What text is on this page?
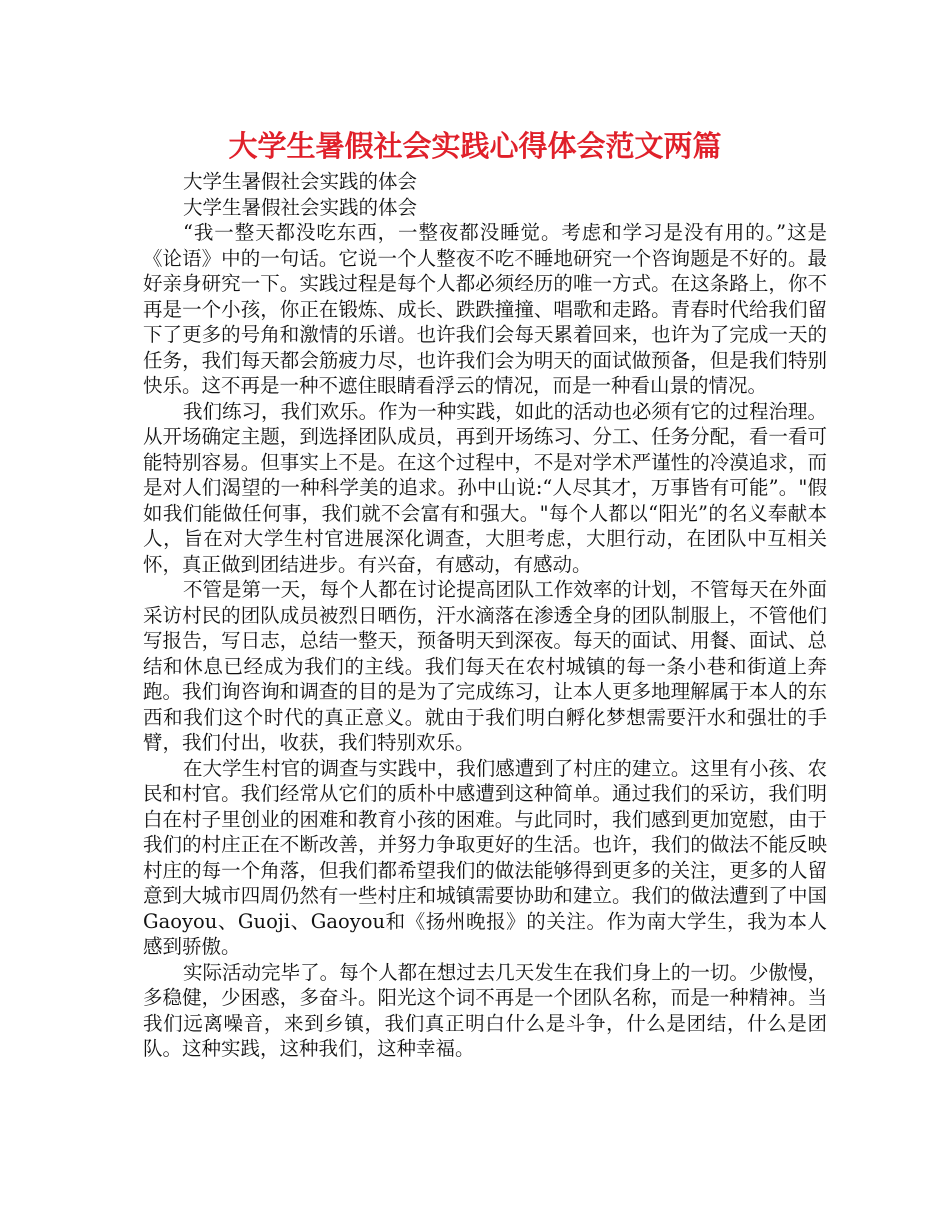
大学生暑假社会实践心得体会范文两篇

大学生暑假社会实践的体会

大学生暑假社会实践的体会

“我一整天都没吃东西，一整夜都没睡觉。考虑和学习是没有用的。”这是《论语》中的一句话。它说一个人整夜不吃不睡地研究一个咨询题是不好的。最好亲身研究一下。实践过程是每个人都必须经历的唯一方式。在这条路上，你不再是一个小孩，你正在锻炼、成长、跌跌撞撞、唱歌和走路。青春时代给我们留下了更多的号角和激情的乐谱。也许我们会每天累着回来，也许为了完成一天的任务，我们每天都会筋疲力尽，也许我们会为明天的面试做预备，但是我们特别快乐。这不再是一种不遮住眼睛看浮云的情况，而是一种看山景的情况。

我们练习，我们欢乐。作为一种实践，如此的活动也必须有它的过程治理。从开场确定主题，到选择团队成员，再到开场练习、分工、任务分配，看一看可能特别容易。但事实上不是。在这个过程中，不是对学术严谨性的冷漠追求，而是对人们渴望的一种科学美的追求。孙中山说:“人尽其才，万事皆有可能”。"假如我们能做任何事，我们就不会富有和强大。"每个人都以“阳光”的名义奉献本人，旨在对大学生村官进展深化调查，大胆考虑，大胆行动，在团队中互相关怀，真正做到团结进步。有兴奋，有感动，有感动。

不管是第一天，每个人都在讨论提高团队工作效率的计划，不管每天在外面采访村民的团队成员被烈日晒伤，汗水滴落在渗透全身的团队制服上，不管他们写报告，写日志，总结一整天，预备明天到深夜。每天的面试、用餐、面试、总结和休息已经成为我们的主线。我们每天在农村城镇的每一条小巷和街道上奔跑。我们询咨询和调查的目的是为了完成练习，让本人更多地理解属于本人的东西和我们这个时代的真正意义。就由于我们明白孵化梦想需要汗水和强壮的手臂，我们付出，收获，我们特别欢乐。

在大学生村官的调查与实践中，我们感遭到了村庄的建立。这里有小孩、农民和村官。我们经常从它们的质朴中感遭到这种简单。通过我们的采访，我们明白在村子里创业的困难和教育小孩的困难。与此同时，我们感到更加宽慰，由于我们的村庄正在不断改善，并努力争取更好的生活。也许，我们的做法不能反映村庄的每一个角落，但我们都希望我们的做法能够得到更多的关注，更多的人留意到大城市四周仍然有一些村庄和城镇需要协助和建立。我们的做法遭到了中国Gaoyou、Guoji、Gaoyou和《扬州晚报》的关注。作为南大学生，我为本人感到骄傲。

实际活动完毕了。每个人都在想过去几天发生在我们身上的一切。少傲慢，多稳健，少困惑，多奋斗。阳光这个词不再是一个团队名称，而是一种精神。当我们远离噪音，来到乡镇，我们真正明白什么是斗争，什么是团结，什么是团队。这种实践，这种我们，这种幸福。
